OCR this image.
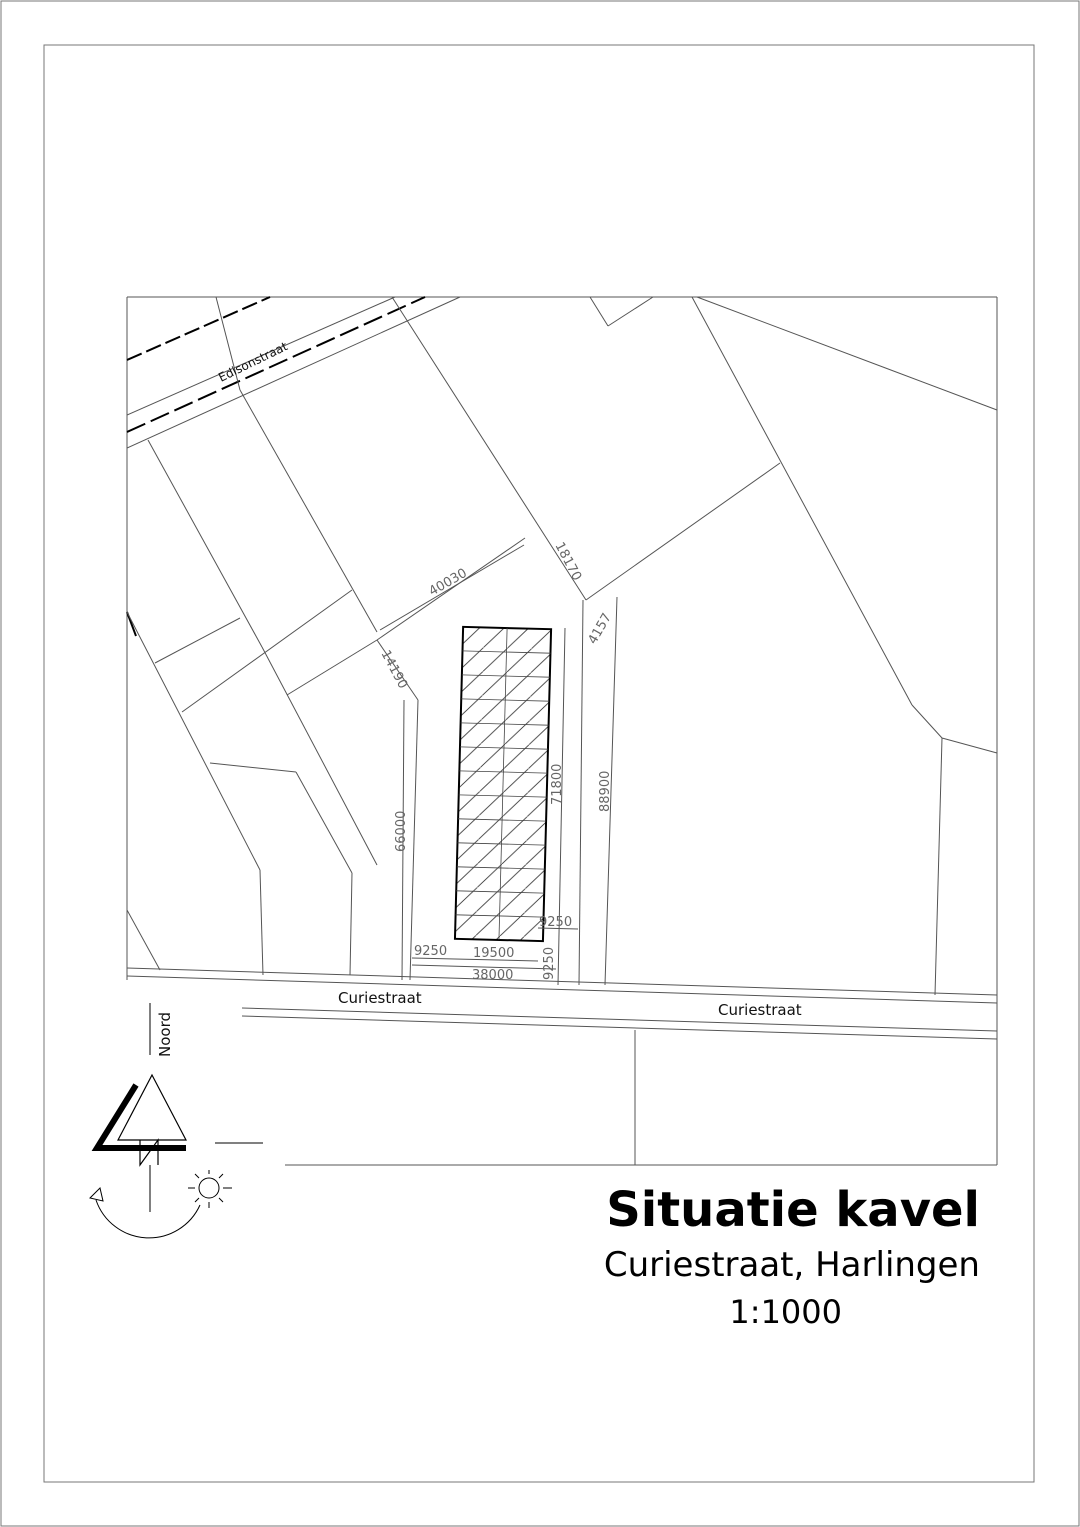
40030	18170
14190
4157
71800	88900
66000
9250
9250 19500
38000 9250
Edisonstraat
Curiestraat
Curiestraat
Noord
Situatie kavel
Curiestraat, Harlingen
1:1000
